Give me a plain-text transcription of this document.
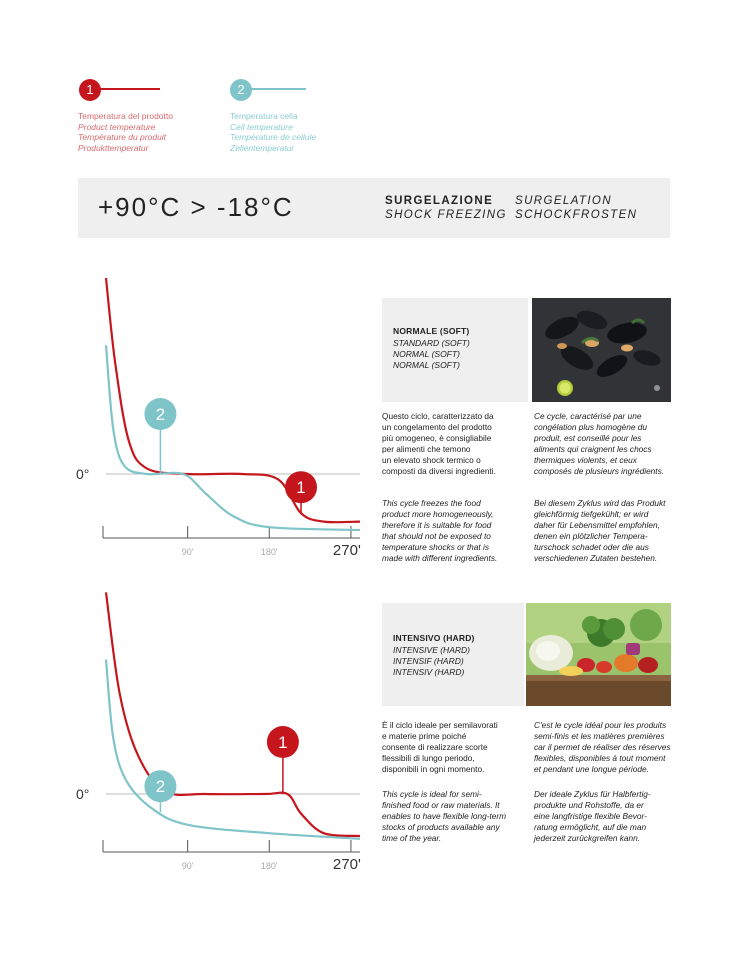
1
Temperatura del prodotto
Product temperature
Température du produit
Produkttemperatur
2
Temperatura cella
Cell temperature
Température de cellule
Zellentemperatur
+90°C > -18°C	SURGELAZIONE
SHOCK FREEZING
SURGELATION
SCHOCKFROSTEN
0°
90'	180'	270'
2
1
0°
90'	180'	270'
2
1
NORMALE (SOFT)
STANDARD (SOFT)
NORMAL (SOFT)
NORMAL (SOFT)
Questo ciclo, caratterizzato da
un congelamento del prodotto
più omogeneo, è consigliabile
per alimenti che temono
un elevato shock termico o
composti da diversi ingredienti.
This cycle freezes the food
product more homogeneously,
therefore it is suitable for food
that should not be exposed to
temperature shocks or that is
made with different ingredients.
Ce cycle, caractérisé par une
congélation plus homogène du
produit, est conseillé pour les
aliments qui craignent les chocs
thermiques violents, et ceux
composés de plusieurs ingrédients.
Bei diesem Zyklus wird das Produkt
gleichförmig tiefgekühlt; er wird
daher für Lebensmittel empfohlen,
denen ein plötzlicher Tempera-
turschock schadet oder die aus
verschiedenen Zutaten bestehen.
INTENSIVO (HARD)
INTENSIVE (HARD)
INTENSIF (HARD)
INTENSIV (HARD)
È il ciclo ideale per semilavorati
e materie prime poiché
consente di realizzare scorte
flessibili di lungo periodo,
disponibili in ogni momento.
This cycle is ideal for semi-
finished food or raw materials. It
enables to have flexible long-term
stocks of products available any
time of the year.
C'est le cycle idéal pour les produits
semi-finis et les matières premières
car il permet de réaliser des réserves
flexibles, disponibles à tout moment
et pendant une longue période.
Der ideale Zyklus für Halbfertig-
produkte und Rohstoffe, da er
eine langfristige flexible Bevor-
ratung ermöglicht, auf die man
jederzeit zurückgreifen kann.
